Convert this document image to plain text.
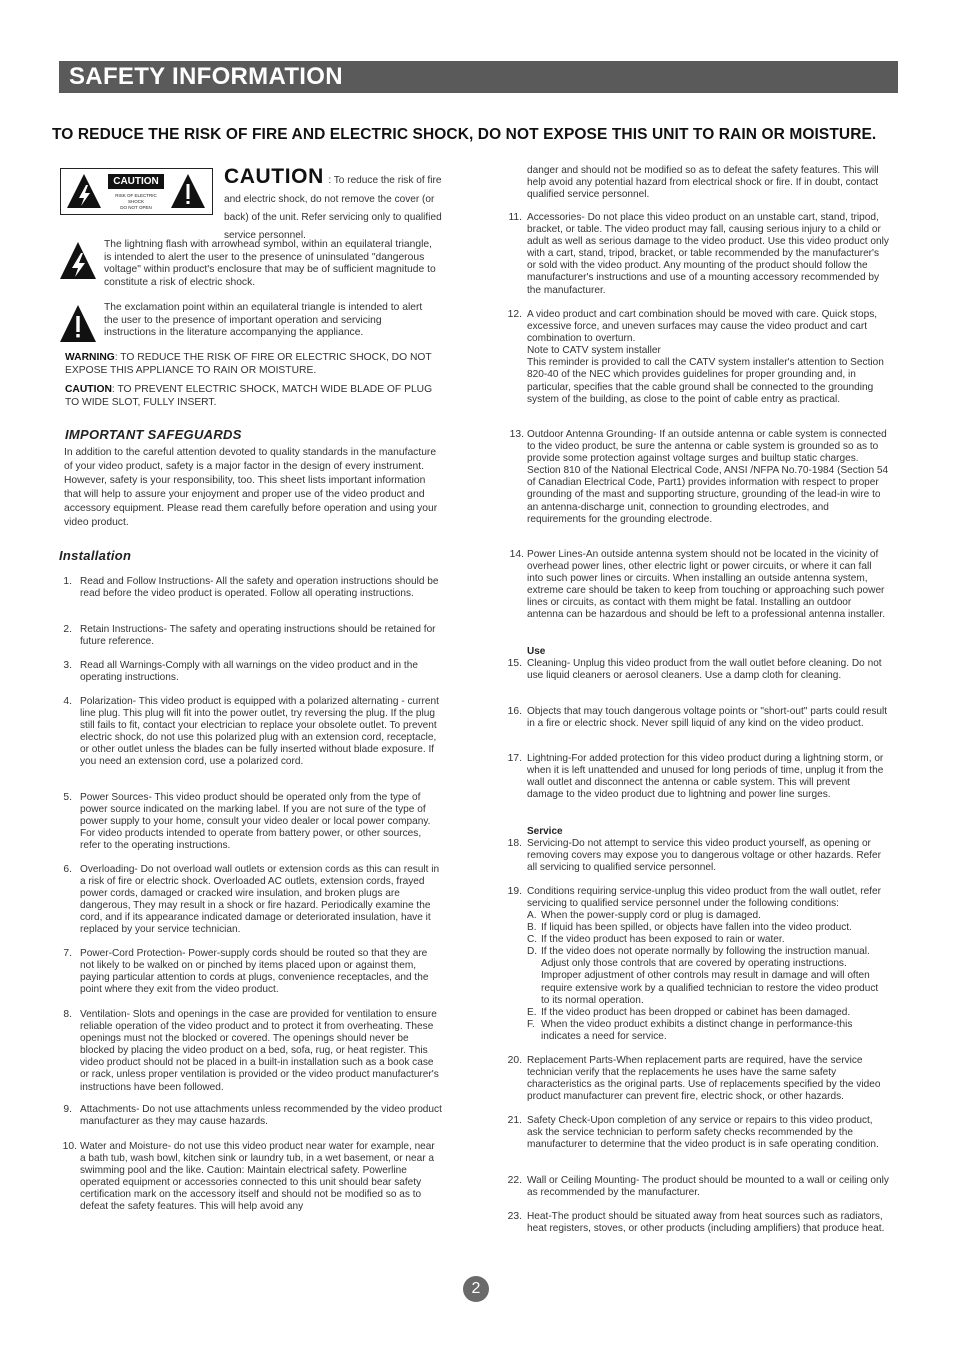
SAFETY INFORMATION
TO REDUCE THE RISK OF FIRE AND ELECTRIC SHOCK, DO NOT EXPOSE THIS UNIT TO RAIN OR MOISTURE.
CAUTION
RISK OF ELECTRIC SHOCK
DO NOT OPEN
CAUTION : To reduce the risk of fire and electric shock, do not remove the cover (or back) of the unit. Refer servicing only to qualified service personnel.
The lightning flash with arrowhead symbol, within an equilateral triangle, is intended to alert the user to the presence of uninsulated "dangerous voltage" within product's enclosure that may be of sufficient magnitude to constitute a risk of electric shock.
The exclamation point within an equilateral triangle is intended to alert the user to the presence of important operation and servicing instructions in the literature accompanying the appliance.
WARNING: TO REDUCE THE RISK OF FIRE OR ELECTRIC SHOCK, DO NOT EXPOSE THIS APPLIANCE TO RAIN OR MOISTURE.
CAUTION: TO PREVENT ELECTRIC SHOCK, MATCH WIDE BLADE OF PLUG TO WIDE SLOT, FULLY INSERT.
IMPORTANT SAFEGUARDS
In addition to the careful attention devoted to quality standards in the manufacture of your video product, safety is a major factor in the design of every instrument. However, safety is your responsibility, too. This sheet lists important information that will help to assure your enjoyment and proper use of the video product and accessory equipment. Please read them carefully before operation and using your video product.
Installation
1. Read and Follow Instructions- All the safety and operation instructions should be read before the video product is operated. Follow all operating instructions.
2. Retain Instructions- The safety and operating instructions should be retained for future reference.
3. Read all Warnings-Comply with all warnings on the video product and in the operating instructions.
4. Polarization- This video product is equipped with a polarized alternating - current line plug. This plug will fit into the power outlet, try reversing the plug. If the plug still fails to fit, contact your electrician to replace your obsolete outlet. To prevent electric shock, do not use this polarized plug with an extension cord, receptacle, or other outlet unless the blades can be fully inserted without blade exposure. If you need an extension cord, use a polarized cord.
5. Power Sources- This video product should be operated only from the type of power source indicated on the marking label. If you are not sure of the type of power supply to your home, consult your video dealer or local power company. For video products intended to operate from battery power, or other sources, refer to the operating instructions.
6. Overloading- Do not overload wall outlets or extension cords as this can result in a risk of fire or electric shock. Overloaded AC outlets, extension cords, frayed power cords, damaged or cracked wire insulation, and broken plugs are dangerous, They may result in a shock or fire hazard. Periodically examine the cord, and if its appearance indicated damage or deteriorated insulation, have it replaced by your service technician.
7. Power-Cord Protection- Power-supply cords should be routed so that they are not likely to be walked on or pinched by items placed upon or against them, paying particular attention to cords at plugs, convenience receptacles, and the point where they exit from the video product.
8. Ventilation- Slots and openings in the case are provided for ventilation to ensure reliable operation of the video product and to protect it from overheating. These openings must not the blocked or covered. The openings should never be blocked by placing the video product on a bed, sofa, rug, or heat register. This video product should not be placed in a built-in installation such as a book case or rack, unless proper ventilation is provided or the video product manufacturer's instructions have been followed.
9. Attachments- Do not use attachments unless recommended by the video product manufacturer as they may cause hazards.
10. Water and Moisture- do not use this video product near water for example, near a bath tub, wash bowl, kitchen sink or laundry tub, in a wet basement, or near a swimming pool and the like. Caution: Maintain electrical safety. Powerline operated equipment or accessories connected to this unit should bear safety certification mark on the accessory itself and should not be modified so as to defeat the safety features. This will help avoid any
danger and should not be modified so as to defeat the safety features. This will help avoid any potential hazard from electrical shock or fire. If in doubt, contact qualified service personnel.
11. Accessories- Do not place this video product on an unstable cart, stand, tripod, bracket, or table. The video product may fall, causing serious injury to a child or adult as well as serious damage to the video product. Use this video product only with a cart, stand, tripod, bracket, or table recommended by the manufacturer's or sold with the video product. Any mounting of the product should follow the manufacturer's instructions and use of a mounting accessory recommended by the manufacturer.
12. A video product and cart combination should be moved with care. Quick stops, excessive force, and uneven surfaces may cause the video product and cart combination to overturn.
Note to CATV system installer
This reminder is provided to call the CATV system installer's attention to Section 820-40 of the NEC which provides guidelines for proper grounding and, in particular, specifies that the cable ground shall be connected to the grounding system of the building, as close to the point of cable entry as practical.
13. Outdoor Antenna Grounding- If an outside antenna or cable system is connected to the video product, be sure the antenna or cable system is grounded so as to provide some protection against voltage surges and builtup static charges. Section 810 of the National Electrical Code, ANSI /NFPA No.70-1984 (Section 54 of Canadian Electrical Code, Part1) provides information with respect to proper grounding of the mast and supporting structure, grounding of the lead-in wire to an antenna-discharge unit, connection to grounding electrodes, and requirements for the grounding electrode.
14. Power Lines-An outside antenna system should not be located in the vicinity of overhead power lines, other electric light or power circuits, or where it can fall into such power lines or circuits. When installing an outside antenna system, extreme care should be taken to keep from touching or approaching such power lines or circuits, as contact with them might be fatal. Installing an outdoor antenna can be hazardous and should be left to a professional antenna installer.
Use
15. Cleaning- Unplug this video product from the wall outlet before cleaning. Do not use liquid cleaners or aerosol cleaners. Use a damp cloth for cleaning.
16. Objects that may touch dangerous voltage points or "short-out" parts could result in a fire or electric shock. Never spill liquid of any kind on the video product.
17. Lightning-For added protection for this video product during a lightning storm, or when it is left unattended and unused for long periods of time, unplug it from the wall outlet and disconnect the antenna or cable system. This will prevent damage to the video product due to lightning and power line surges.
Service
18. Servicing-Do not attempt to service this video product yourself, as opening or removing covers may expose you to dangerous voltage or other hazards. Refer all servicing to qualified service personnel.
19. Conditions requiring service-unplug this video product from the wall outlet, refer servicing to qualified service personnel under the following conditions:
A. When the power-supply cord or plug is damaged.
B. If liquid has been spilled, or objects have fallen into the video product.
C. If the video product has been exposed to rain or water.
D. If the video does not operate normally by following the instruction manual. Adjust only those controls that are covered by operating instructions. Improper adjustment of other controls may result in damage and will often require extensive work by a qualified technician to restore the video product to its normal operation.
E. If the video product has been dropped or cabinet has been damaged.
F. When the video product exhibits a distinct change in performance-this indicates a need for service.
20. Replacement Parts-When replacement parts are required, have the service technician verify that the replacements he uses have the same safety characteristics as the original parts. Use of replacements specified by the video product manufacturer can prevent fire, electric shock, or other hazards.
21. Safety Check-Upon completion of any service or repairs to this video product, ask the service technician to perform safety checks recommended by the manufacturer to determine that the video product is in safe operating condition.
22. Wall or Ceiling Mounting- The product should be mounted to a wall or ceiling only as recommended by the manufacturer.
23. Heat-The product should be situated away from heat sources such as radiators, heat registers, stoves, or other products (including amplifiers) that produce heat.
2
